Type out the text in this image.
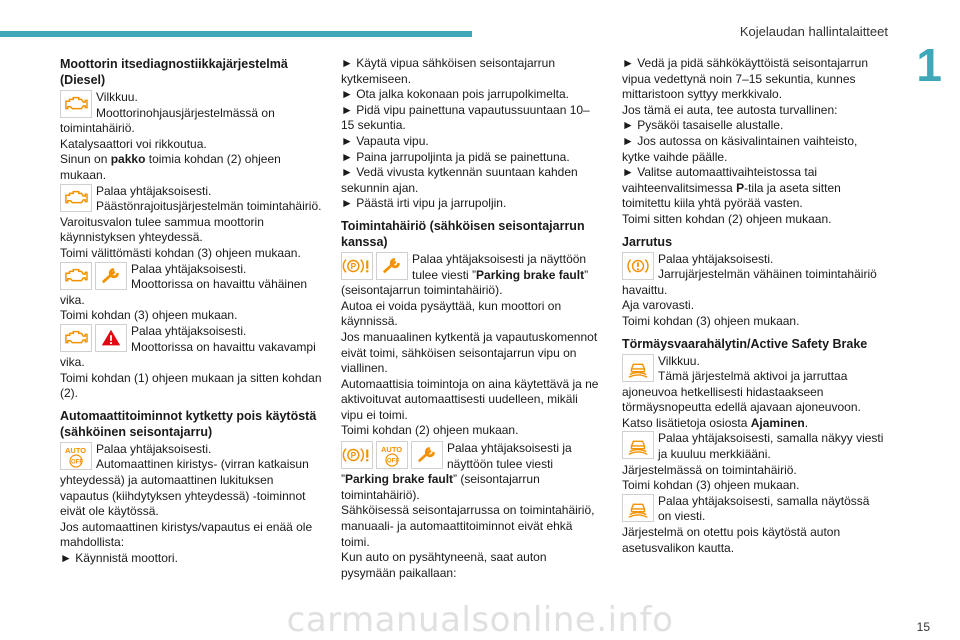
Kojelaudan hallintalaitteet
1
Moottorin itsediagnostiikkajärjestelmä (Diesel)

Vilkkuu.

Moottorinohjausjärjestelmässä on toimintahäiriö.

Katalysaattori voi rikkoutua.

Sinun on pakko toimia kohdan (2) ohjeen mukaan.

Palaa yhtäjaksoisesti.

Päästönrajoitusjärjestelmän toimintahäiriö.

Varoitusvalon tulee sammua moottorin käynnistyksen yhteydessä.

Toimi välittömästi kohdan (3) ohjeen mukaan.

Palaa yhtäjaksoisesti.

Moottorissa on havaittu vähäinen vika.

Toimi kohdan (3) ohjeen mukaan.

Palaa yhtäjaksoisesti.

Moottorissa on havaittu vakavampi vika.

Toimi kohdan (1) ohjeen mukaan ja sitten kohdan (2).

Automaattitoiminnot kytketty pois käytöstä (sähköinen seisontajarru)
AUTO
OFF

Palaa yhtäjaksoisesti.

Automaattinen kiristys- (virran katkaisun yhteydessä) ja automaattinen lukituksen vapautus (kiihdytyksen yhteydessä) -toiminnot eivät ole käytössä.

Jos automaattinen kiristys/vapautus ei enää ole mahdollista:

► Käynnistä moottori.

► Käytä vipua sähköisen seisontajarrun kytkemiseen.

► Ota jalka kokonaan pois jarrupolkimelta.

► Pidä vipu painettuna vapautussuuntaan 10–15 sekuntia.

► Vapauta vipu.

► Paina jarrupoljinta ja pidä se painettuna.

► Vedä vivusta kytkennän suuntaan kahden sekunnin ajan.

► Päästä irti vipu ja jarrupoljin.

Toimintahäiriö (sähköisen seisontajarrun kanssa)

Palaa yhtäjaksoisesti ja näyttöön tulee viesti ”Parking brake fault” (seisontajarrun toimintahäiriö).

Autoa ei voida pysäyttää, kun moottori on käynnissä.

Jos manuaalinen kytkentä ja vapautuskomennot eivät toimi, sähköisen seisontajarrun vipu on viallinen.

Automaattisia toimintoja on aina käytettävä ja ne aktivoituvat automaattisesti uudelleen, mikäli vipu ei toimi.

Toimi kohdan (2) ohjeen mukaan.

AUTO
OFF

Palaa yhtäjaksoisesti ja näyttöön tulee viesti ”Parking brake fault” (seisontajarrun toimintahäiriö).

Sähköisessä seisontajarrussa on toimintahäiriö, manuaali- ja automaattitoiminnot eivät ehkä toimi.

Kun auto on pysähtyneenä, saat auton pysymään paikallaan:

► Vedä ja pidä sähkökäyttöistä seisontajarrun vipua vedettynä noin 7–15 sekuntia, kunnes mittaristoon syttyy merkkivalo.

Jos tämä ei auta, tee autosta turvallinen:

► Pysäköi tasaiselle alustalle.

► Jos autossa on käsivalintainen vaihteisto, kytke vaihde päälle.

► Valitse automaattivaihteistossa tai vaihteenvalitsimessa P-tila ja aseta sitten toimitettu kiila yhtä pyörää vasten.

Toimi sitten kohdan (2) ohjeen mukaan.

Jarrutus

Palaa yhtäjaksoisesti.

Jarrujärjestelmän vähäinen toimintahäiriö havaittu.

Aja varovasti.

Toimi kohdan (3) ohjeen mukaan.

Törmäysvaarahälytin/Active Safety Brake

Vilkkuu.

Tämä järjestelmä aktivoi ja jarruttaa ajoneuvoa hetkellisesti hidastaakseen törmäysnopeutta edellä ajavaan ajoneuvoon.

Katso lisätietoja osiosta Ajaminen.

Palaa yhtäjaksoisesti, samalla näkyy viesti ja kuuluu merkkiääni.

Järjestelmässä on toimintahäiriö.

Toimi kohdan (3) ohjeen mukaan.

Palaa yhtäjaksoisesti, samalla näytössä on viesti.

Järjestelmä on otettu pois käytöstä auton asetusvalikon kautta.

15
carmanualsonline.info
